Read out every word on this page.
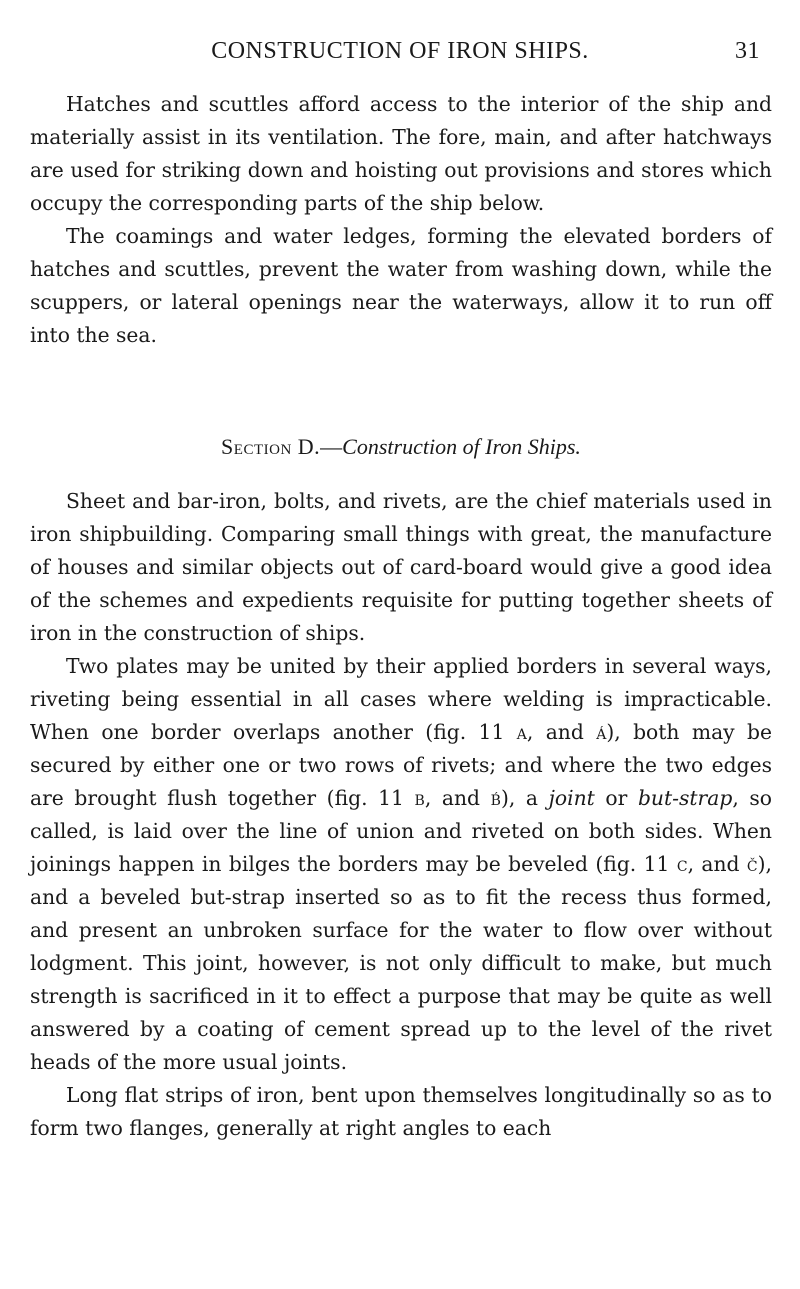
CONSTRUCTION OF IRON SHIPS.	31

Hatches and scuttles afford access to the interior of the ship and materially assist in its ventilation. The fore, main, and after hatchways are used for striking down and hoisting out provisions and stores which occupy the corresponding parts of the ship below.

The coamings and water ledges, forming the elevated borders of hatches and scuttles, prevent the water from washing down, while the scuppers, or lateral openings near the waterways, allow it to run off into the sea.

Section D.—Construction of Iron Ships.

Sheet and bar-iron, bolts, and rivets, are the chief materials used in iron shipbuilding. Comparing small things with great, the manufacture of houses and similar objects out of card-board would give a good idea of the schemes and expedients requisite for putting together sheets of iron in the construction of ships.

Two plates may be united by their applied borders in several ways, riveting being essential in all cases where welding is impracticable. When one border overlaps another (fig. 11 a, and á), both may be secured by either one or two rows of rivets; and where the two edges are brought flush together (fig. 11 b, and b́), a joint or but-strap, so called, is laid over the line of union and riveted on both sides. When joinings happen in bilges the borders may be beveled (fig. 11 c, and č), and a beveled but-strap inserted so as to fit the recess thus formed, and present an unbroken surface for the water to flow over without lodgment. This joint, however, is not only difficult to make, but much strength is sacrificed in it to effect a purpose that may be quite as well answered by a coating of cement spread up to the level of the rivet heads of the more usual joints.

Long flat strips of iron, bent upon themselves longitudinally so as to form two flanges, generally at right angles to each
